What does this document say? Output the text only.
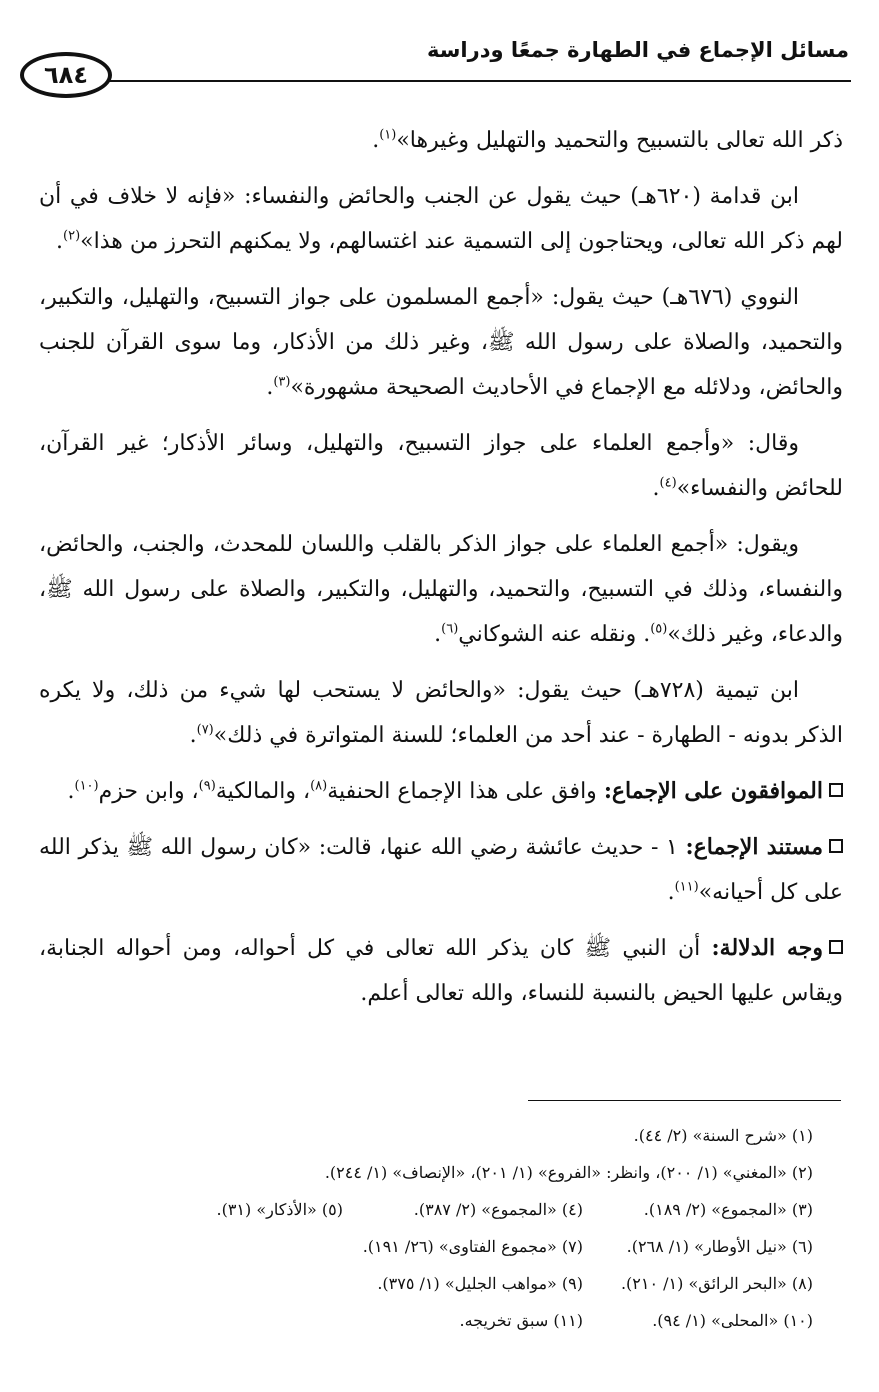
مسائل الإجماع في الطهارة جمعًا ودراسة
٦٨٤

ذكر الله تعالى بالتسبيح والتحميد والتهليل وغيرها»$^{(١)}$.

ابن قدامة (٦٢٠هـ) حيث يقول عن الجنب والحائض والنفساء: «فإنه لا خلاف في أن لهم ذكر الله تعالى، ويحتاجون إلى التسمية عند اغتسالهم، ولا يمكنهم التحرز من هذا»$^{(٢)}$.

النووي (٦٧٦هـ) حيث يقول: «أجمع المسلمون على جواز التسبيح، والتهليل، والتكبير، والتحميد، والصلاة على رسول الله ﷺ، وغير ذلك من الأذكار، وما سوى القرآن للجنب والحائض، ودلائله مع الإجماع في الأحاديث الصحيحة مشهورة»$^{(٣)}$.

وقال: «وأجمع العلماء على جواز التسبيح، والتهليل، وسائر الأذكار؛ غير القرآن، للحائض والنفساء»$^{(٤)}$.

ويقول: «أجمع العلماء على جواز الذكر بالقلب واللسان للمحدث، والجنب، والحائض، والنفساء، وذلك في التسبيح، والتحميد، والتهليل، والتكبير، والصلاة على رسول الله ﷺ، والدعاء، وغير ذلك»$^{(٥)}$. ونقله عنه الشوكاني$^{(٦)}$.

ابن تيمية (٧٢٨هـ) حيث يقول: «والحائض لا يستحب لها شيء من ذلك، ولا يكره الذكر بدونه - الطهارة - عند أحد من العلماء؛ للسنة المتواترة في ذلك»$^{(٧)}$.

الموافقون على الإجماع: وافق على هذا الإجماع الحنفية$^{(٨)}$، والمالكية$^{(٩)}$، وابن حزم$^{(١٠)}$.

مستند الإجماع: ١ - حديث عائشة رضي الله عنها، قالت: «كان رسول الله ﷺ يذكر الله على كل أحيانه»$^{(١١)}$.

وجه الدلالة: أن النبي ﷺ كان يذكر الله تعالى في كل أحواله، ومن أحواله الجنابة، ويقاس عليها الحيض بالنسبة للنساء، والله تعالى أعلم.

(١) «شرح السنة» (٢/ ٤٤).
(٢) «المغني» (١/ ٢٠٠)، وانظر: «الفروع» (١/ ٢٠١)، «الإنصاف» (١/ ٢٤٤).
(٣) «المجموع» (٢/ ١٨٩).
(٤) «المجموع» (٢/ ٣٨٧).
(٥) «الأذكار» (٣١).
(٦) «نيل الأوطار» (١/ ٢٦٨).
(٧) «مجموع الفتاوى» (٢٦/ ١٩١).
(٨) «البحر الرائق» (١/ ٢١٠).
(٩) «مواهب الجليل» (١/ ٣٧٥).
(١٠) «المحلى» (١/ ٩٤).
(١١) سبق تخريجه.
